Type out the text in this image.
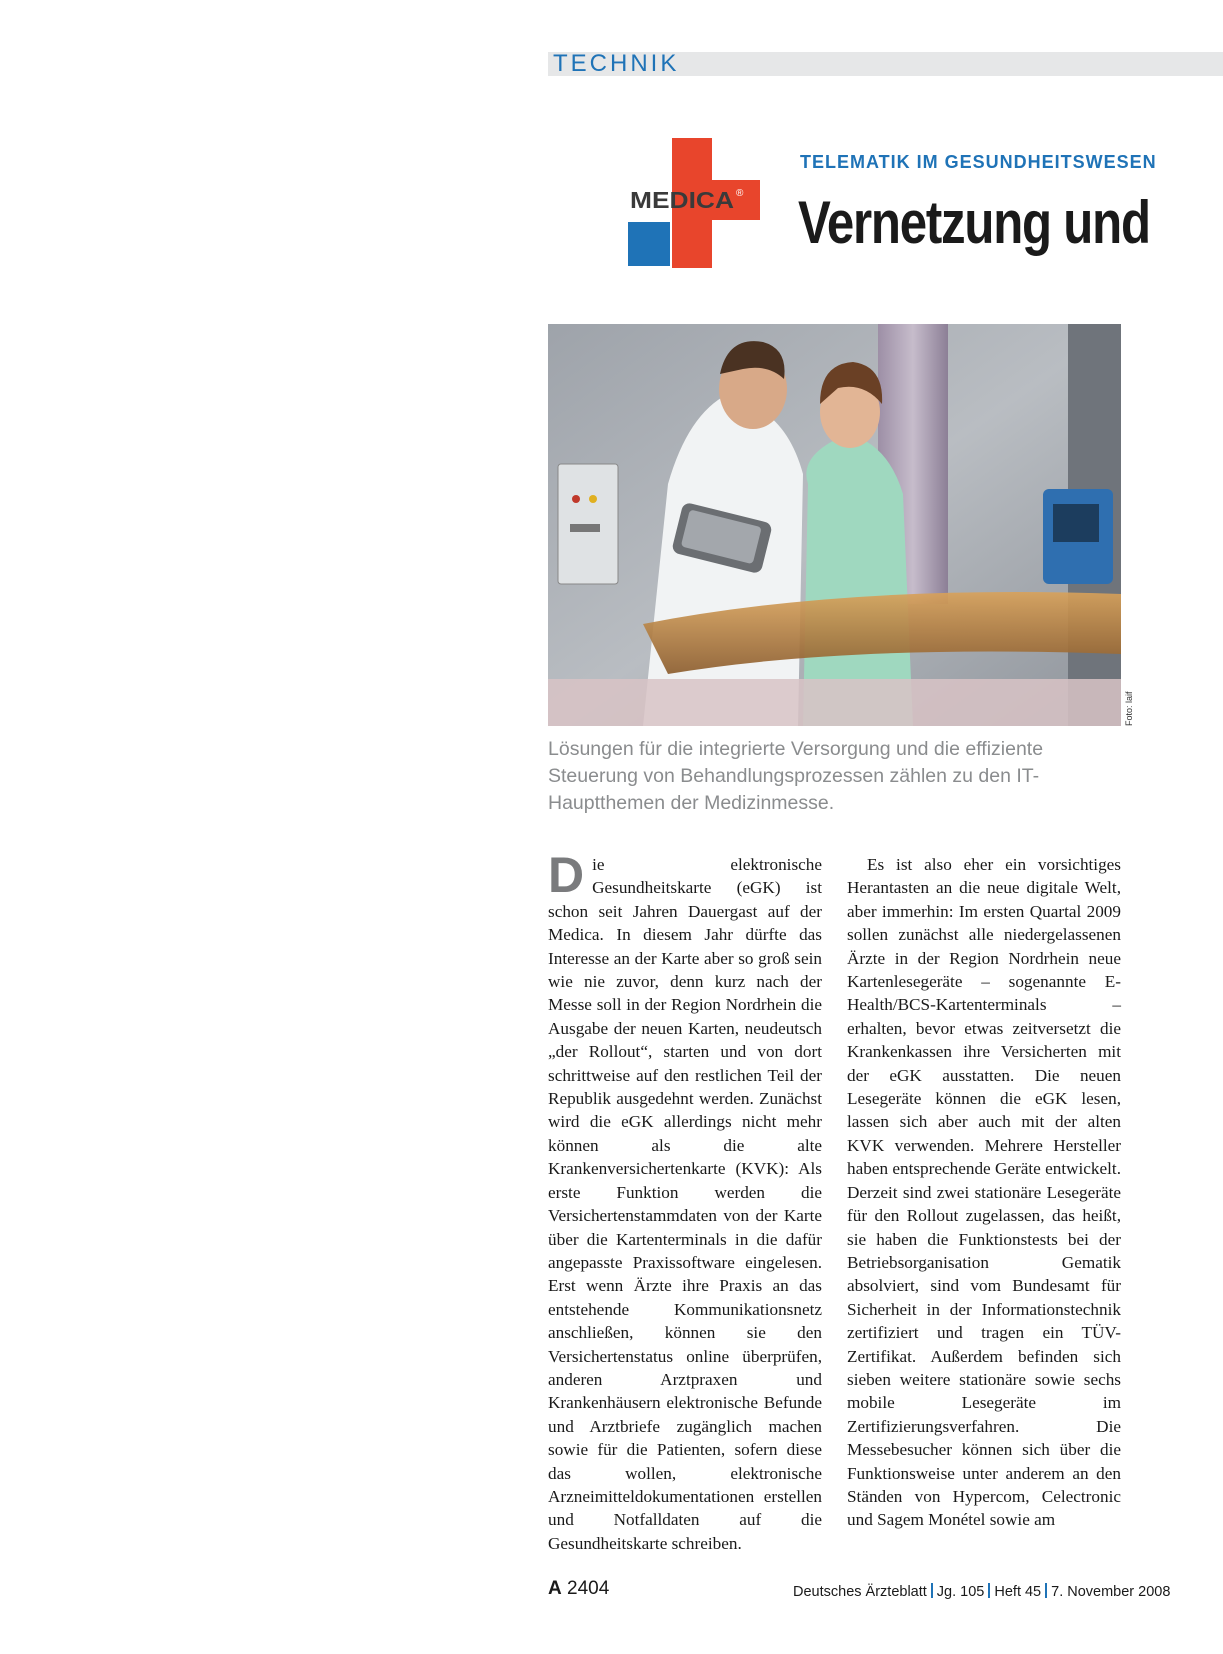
TECHNIK
MEDICA ®
TELEMATIK IM GESUNDHEITSWESEN
Vernetzung und
Foto: laif
Lösungen für die integrierte Versorgung und die effiziente Steuerung von Behandlungsprozessen zählen zu den IT-Hauptthemen der Medizinmesse.
D ie elektronische Gesundheitskarte (eGK) ist schon seit Jahren Dauergast auf der Medica. In diesem Jahr dürfte das Interesse an der Karte aber so groß sein wie nie zuvor, denn kurz nach der Messe soll in der Region Nordrhein die Ausgabe der neuen Karten, neudeutsch „der Rollout“, starten und von dort schrittweise auf den restlichen Teil der Republik ausgedehnt werden. Zunächst wird die eGK allerdings nicht mehr können als die alte Krankenversichertenkarte (KVK): Als erste Funktion werden die Versichertenstammdaten von der Karte über die Kartenterminals in die dafür angepasste Praxissoftware eingelesen. Erst wenn Ärzte ihre Praxis an das entstehende Kommunikationsnetz anschließen, können sie den Versichertenstatus online überprüfen, anderen Arztpraxen und Krankenhäusern elektronische Befunde und Arztbriefe zugänglich machen sowie für die Patienten, sofern diese das wollen, elektronische Arzneimitteldokumentationen erstellen und Notfalldaten auf die Gesundheitskarte schreiben.

Es ist also eher ein vorsichtiges Herantasten an die neue digitale Welt, aber immerhin: Im ersten Quartal 2009 sollen zunächst alle niedergelassenen Ärzte in der Region Nordrhein neue Kartenlesegeräte – sogenannte E-Health/BCS-Kartenterminals – erhalten, bevor etwas zeitversetzt die Krankenkassen ihre Versicherten mit der eGK ausstatten. Die neuen Lesegeräte können die eGK lesen, lassen sich aber auch mit der alten KVK verwenden. Mehrere Hersteller haben entsprechende Geräte entwickelt. Derzeit sind zwei stationäre Lesegeräte für den Rollout zugelassen, das heißt, sie haben die Funktionstests bei der Betriebsorganisation Gematik absolviert, sind vom Bundesamt für Sicherheit in der Informationstechnik zertifiziert und tragen ein TÜV-Zertifikat. Außerdem befinden sich sieben weitere stationäre sowie sechs mobile Lesegeräte im Zertifizierungsverfahren. Die Messebesucher können sich über die Funktionsweise unter anderem an den Ständen von Hypercom, Celectronic und Sagem Monétel sowie am

A 2404	Deutsches Ärzteblatt Jg. 105 Heft 45 7. November 2008
